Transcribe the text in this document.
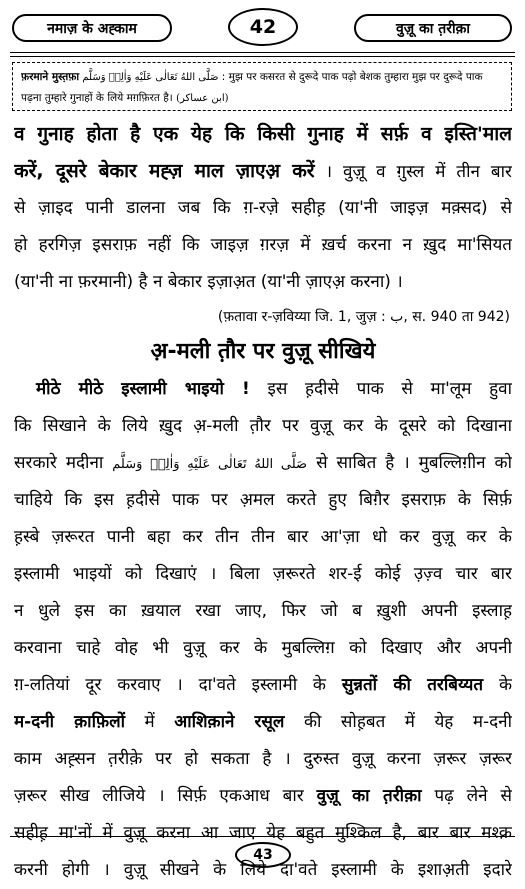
नमाज़ के अह्काम	42	वुज़ू का त़रीक़ा
फ़रमाने मुस्त़फ़ा صَلَّى اللهُ تَعَالٰى عَلَيْهِ وَاٰلِهٖ وَسَلَّم : मुझ पर कसरत से दुरूदे पाक पढ़ो बेशक तुम्हारा मुझ पर दुरूदे पाक
पढ़ना तुम्हारे गुनाहों के लिये मग़फ़िरत है। (ابن عساکر)
व गुनाह होता है एक येह कि किसी गुनाह में सर्फ़ व इस्ति'माल
करें, दूसरे बेकार मह्ज़ माल ज़ाएअ़ करें । वुज़ू व ग़ुस्ल में तीन बार
से ज़ाइद पानी डालना जब कि ग़-रज़े सहीह़ (या'नी जाइज़ मक़्सद) से
हो हरगिज़ इसराफ़ नहीं कि जाइज़ ग़रज़ में ख़र्च करना न ख़ुद मा'सियत
(या'नी ना फ़रमानी) है न बेकार इज़ाअ़त (या'नी ज़ाएअ़ करना) ।
(फ़तावा र-ज़विय्या जि. 1, जुज़ : ب, स. 940 ता 942)
अ़-मली त़ौर पर वुज़ू सीखिये
मीठे मीठे इस्लामी भाइयो ! इस ह़दीसे पाक से मा'लूम हुवा
कि सिखाने के लिये ख़ुद अ़-मली त़ौर पर वुज़ू कर के दूसरे को दिखाना
सरकारे मदीना صَلَّى اللهُ تَعَالٰى عَلَيْهِ وَاٰلِهٖ وَسَلَّم से साबित है । मुबल्लिग़ीन को
चाहिये कि इस ह़दीसे पाक पर अ़मल करते हुए बिग़ैर इसराफ़ के सिर्फ़
ह़स्बे ज़रूरत पानी बहा कर तीन तीन बार आ'ज़ा धो कर वुज़ू कर के
इस्लामी भाइयों को दिखाएं । बिला ज़रूरते शर-ई कोई उ़ज़्व चार बार
न धुले इस का ख़याल रखा जाए, फिर जो ब ख़ुशी अपनी इस्लाह़
करवाना चाहे वोह भी वुज़ू कर के मुबल्लिग़ को दिखाए और अपनी
ग़-लतियां दूर करवाए । दा'वते इस्लामी के सुन्नतों की तरबिय्यत के
म-दनी क़ाफ़िलों में आशिक़ाने रसूल की सोह़बत में येह म-दनी
काम अह़्सन त़रीक़े पर हो सकता है । दुरुस्त वुज़ू करना ज़रूर ज़रूर
ज़रूर सीख लीजिये । सिर्फ़ एकआध बार वुज़ू का त़रीक़ा पढ़ लेने से
सहीह़ मा'नों में वुज़ू करना आ जाए येह बहुत मुश्किल है, बार बार मश्क़
करनी होगी । वुज़ू सीखने के लिये दा'वते इस्लामी के इशाअ़ती इदारे
43
